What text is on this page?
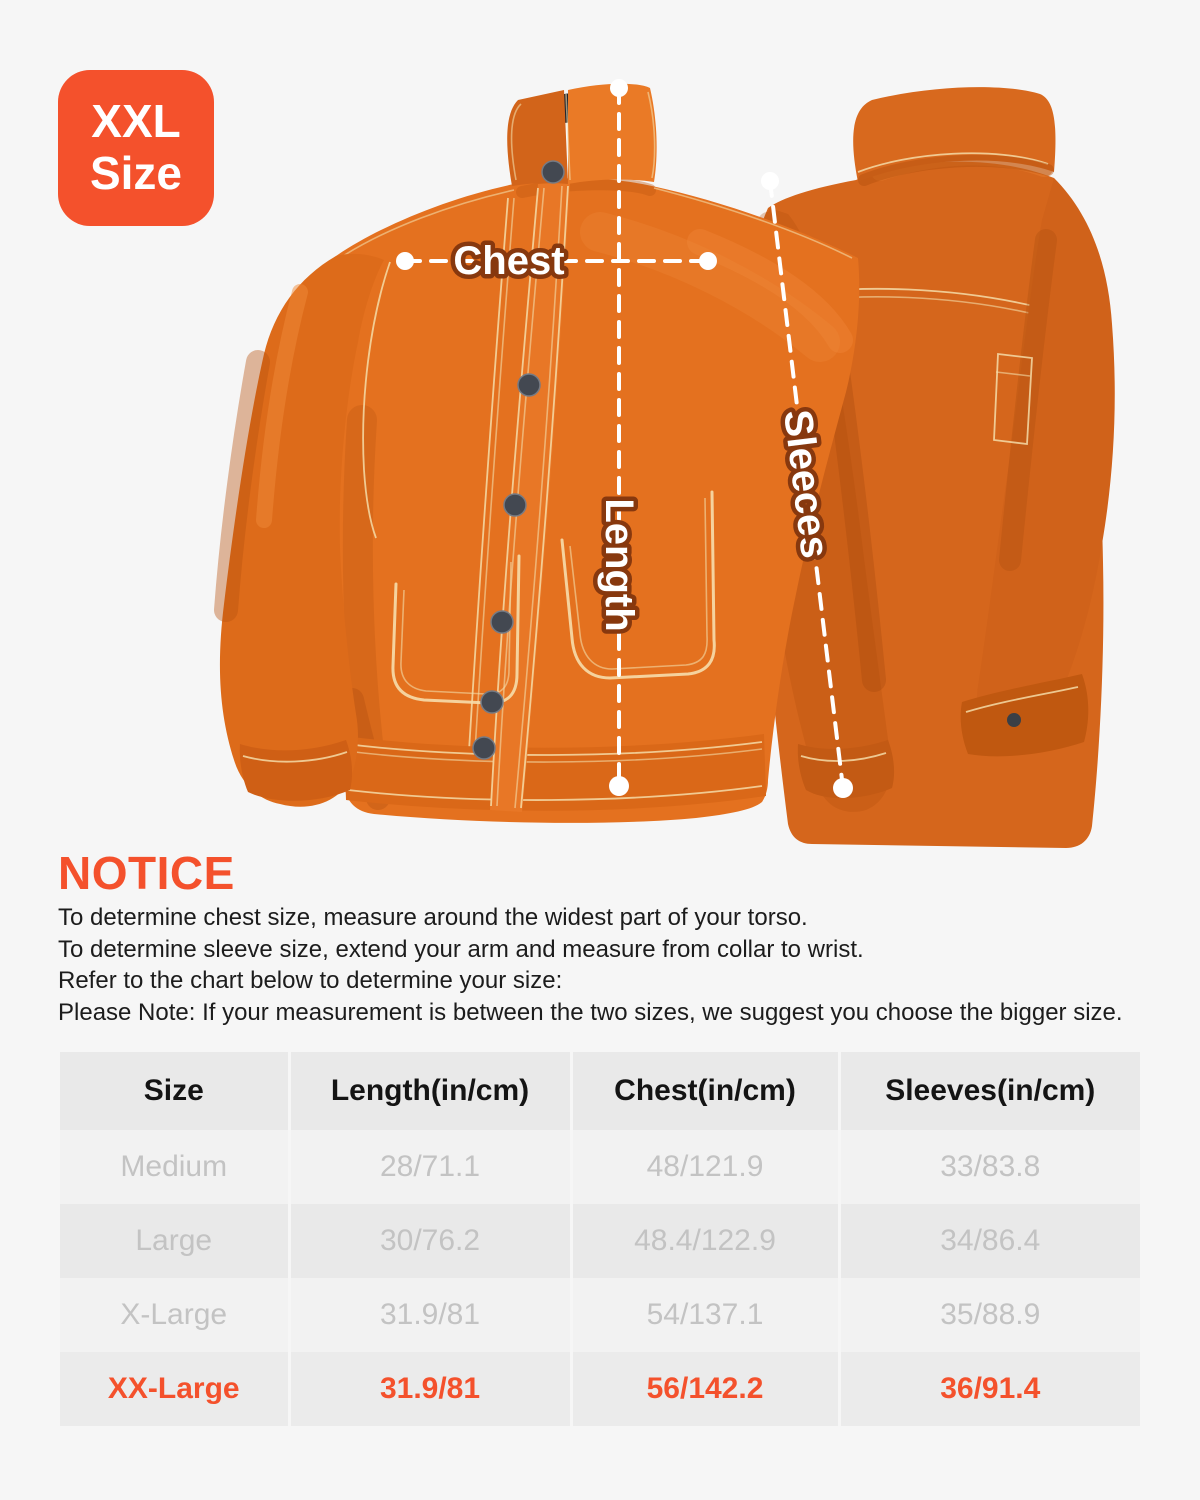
Chest
Length
Sleeces
XXL
Size
NOTICE
To determine chest size, measure around the widest part of your torso.
To determine sleeve size, extend your arm and measure from collar to wrist.
Refer to the chart below to determine your size:
Please Note: If your measurement is between the two sizes, we suggest you choose the bigger size.
Size	Length(in/cm)	Chest(in/cm)	Sleeves(in/cm)
Medium	28/71.1	48/121.9	33/83.8
Large	30/76.2	48.4/122.9	34/86.4
X-Large	31.9/81	54/137.1	35/88.9
XX-Large	31.9/81	56/142.2	36/91.4
